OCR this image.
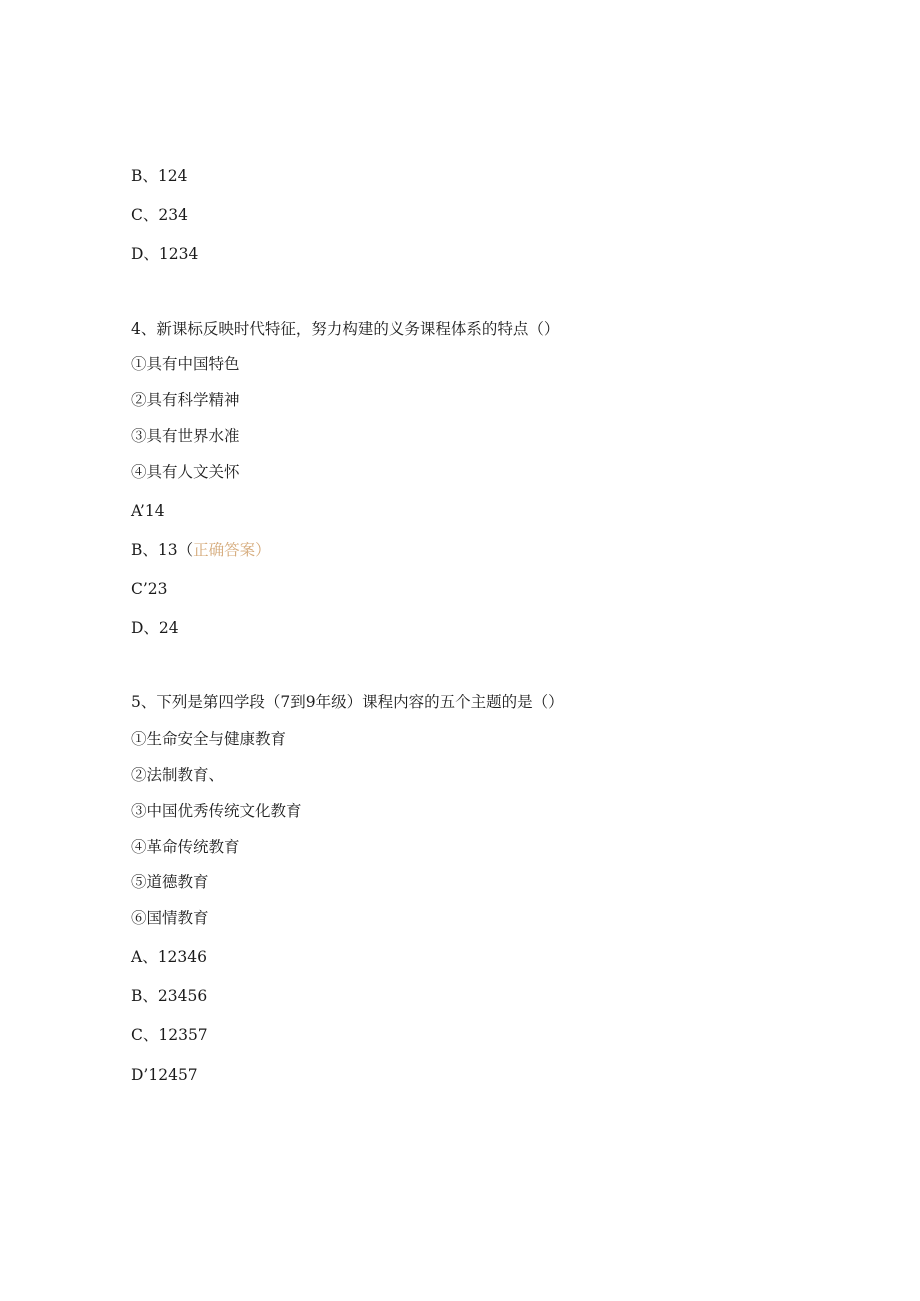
B、124
C、234
D、1234
4、新课标反映时代特征，努力构建的义务课程体系的特点（）
①具有中国特色
②具有科学精神
③具有世界水准
④具有人文关怀
A’14
B、13（正确答案）
C’23
D、24
5、下列是第四学段（7到9年级）课程内容的五个主题的是（）
①生命安全与健康教育
②法制教育、
③中国优秀传统文化教育
④革命传统教育
⑤道德教育
⑥国情教育
A、12346
B、23456
C、12357
D’12457
